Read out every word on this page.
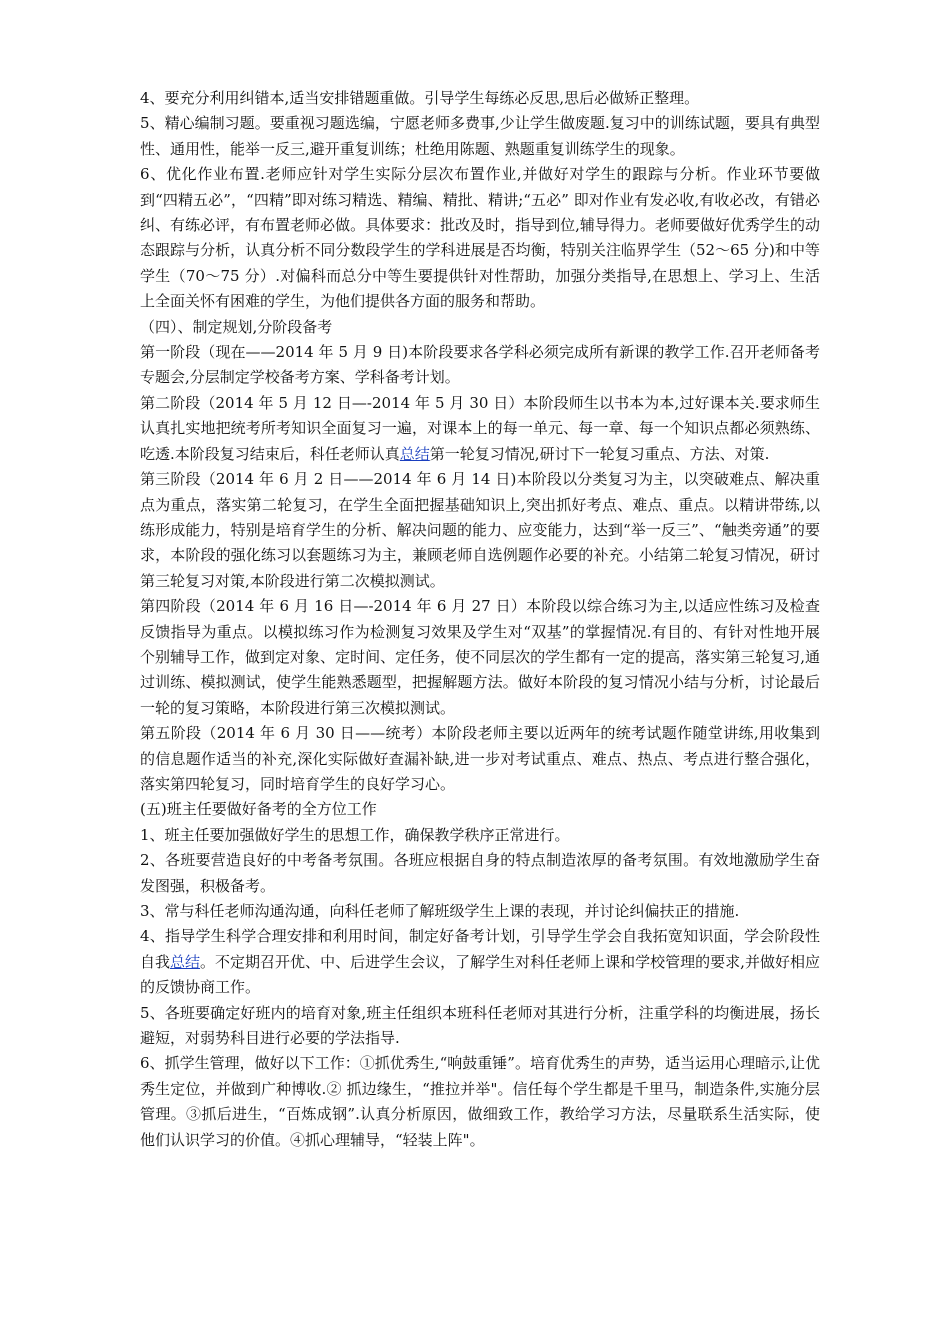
4、要充分利用纠错本,适当安排错题重做。引导学生每练必反思,思后必做矫正整理。

5、精心编制习题。要重视习题选编，宁愿老师多费事,少让学生做废题.复习中的训练试题，要具有典型性、通用性，能举一反三,避开重复训练；杜绝用陈题、熟题重复训练学生的现象。

6、优化作业布置.老师应针对学生实际分层次布置作业,并做好对学生的跟踪与分析。作业环节要做到“四精五必”，“四精”即对练习精选、精编、精批、精讲;“五必” 即对作业有发必收,有收必改，有错必纠、有练必评，有布置老师必做。具体要求：批改及时，指导到位,辅导得力。老师要做好优秀学生的动态跟踪与分析，认真分析不同分数段学生的学科进展是否均衡，特别关注临界学生（52～65 分)和中等学生（70～75 分）.对偏科而总分中等生要提供针对性帮助，加强分类指导,在思想上、学习上、生活上全面关怀有困难的学生，为他们提供各方面的服务和帮助。

（四）、制定规划,分阶段备考

第一阶段（现在——2014 年 5 月 9 日)本阶段要求各学科必须完成所有新课的教学工作.召开老师备考专题会,分层制定学校备考方案、学科备考计划。

第二阶段（2014 年 5 月 12 日—-2014 年 5 月 30 日）本阶段师生以书本为本,过好课本关.要求师生认真扎实地把统考所考知识全面复习一遍，对课本上的每一单元、每一章、每一个知识点都必须熟练、吃透.本阶段复习结束后，科任老师认真总结第一轮复习情况,研讨下一轮复习重点、方法、对策.

第三阶段（2014 年 6 月 2 日——2014 年 6 月 14 日)本阶段以分类复习为主，以突破难点、解决重点为重点，落实第二轮复习，在学生全面把握基础知识上,突出抓好考点、难点、重点。以精讲带练,以练形成能力，特别是培育学生的分析、解决问题的能力、应变能力，达到“举一反三”、“触类旁通”的要求，本阶段的强化练习以套题练习为主，兼顾老师自选例题作必要的补充。小结第二轮复习情况，研讨第三轮复习对策,本阶段进行第二次模拟测试。

第四阶段（2014 年 6 月 16 日—-2014 年 6 月 27 日）本阶段以综合练习为主,以适应性练习及检查反馈指导为重点。以模拟练习作为检测复习效果及学生对“双基”的掌握情况.有目的、有针对性地开展个别辅导工作，做到定对象、定时间、定任务，使不同层次的学生都有一定的提高，落实第三轮复习,通过训练、模拟测试，使学生能熟悉题型，把握解题方法。做好本阶段的复习情况小结与分析，讨论最后一轮的复习策略，本阶段进行第三次模拟测试。

第五阶段（2014 年 6 月 30 日——统考）本阶段老师主要以近两年的统考试题作随堂讲练,用收集到的信息题作适当的补充,深化实际做好查漏补缺,进一步对考试重点、难点、热点、考点进行整合强化，落实第四轮复习，同时培育学生的良好学习心。

(五)班主任要做好备考的全方位工作

1、班主任要加强做好学生的思想工作，确保教学秩序正常进行。

2、各班要营造良好的中考备考氛围。各班应根据自身的特点制造浓厚的备考氛围。有效地激励学生奋发图强，积极备考。

3、常与科任老师沟通沟通，向科任老师了解班级学生上课的表现，并讨论纠偏扶正的措施.

4、指导学生科学合理安排和利用时间，制定好备考计划，引导学生学会自我拓宽知识面，学会阶段性自我总结。不定期召开优、中、后进学生会议，了解学生对科任老师上课和学校管理的要求,并做好相应的反馈协商工作。

5、各班要确定好班内的培育对象,班主任组织本班科任老师对其进行分析，注重学科的均衡进展，扬长避短，对弱势科目进行必要的学法指导.

6、抓学生管理，做好以下工作：①抓优秀生,“响鼓重锤”。培育优秀生的声势，适当运用心理暗示,让优秀生定位，并做到广种博收.② 抓边缘生，“推拉并举"。信任每个学生都是千里马，制造条件,实施分层管理。③抓后进生，“百炼成钢”.认真分析原因，做细致工作，教给学习方法，尽量联系生活实际，使他们认识学习的价值。④抓心理辅导，“轻装上阵"。
